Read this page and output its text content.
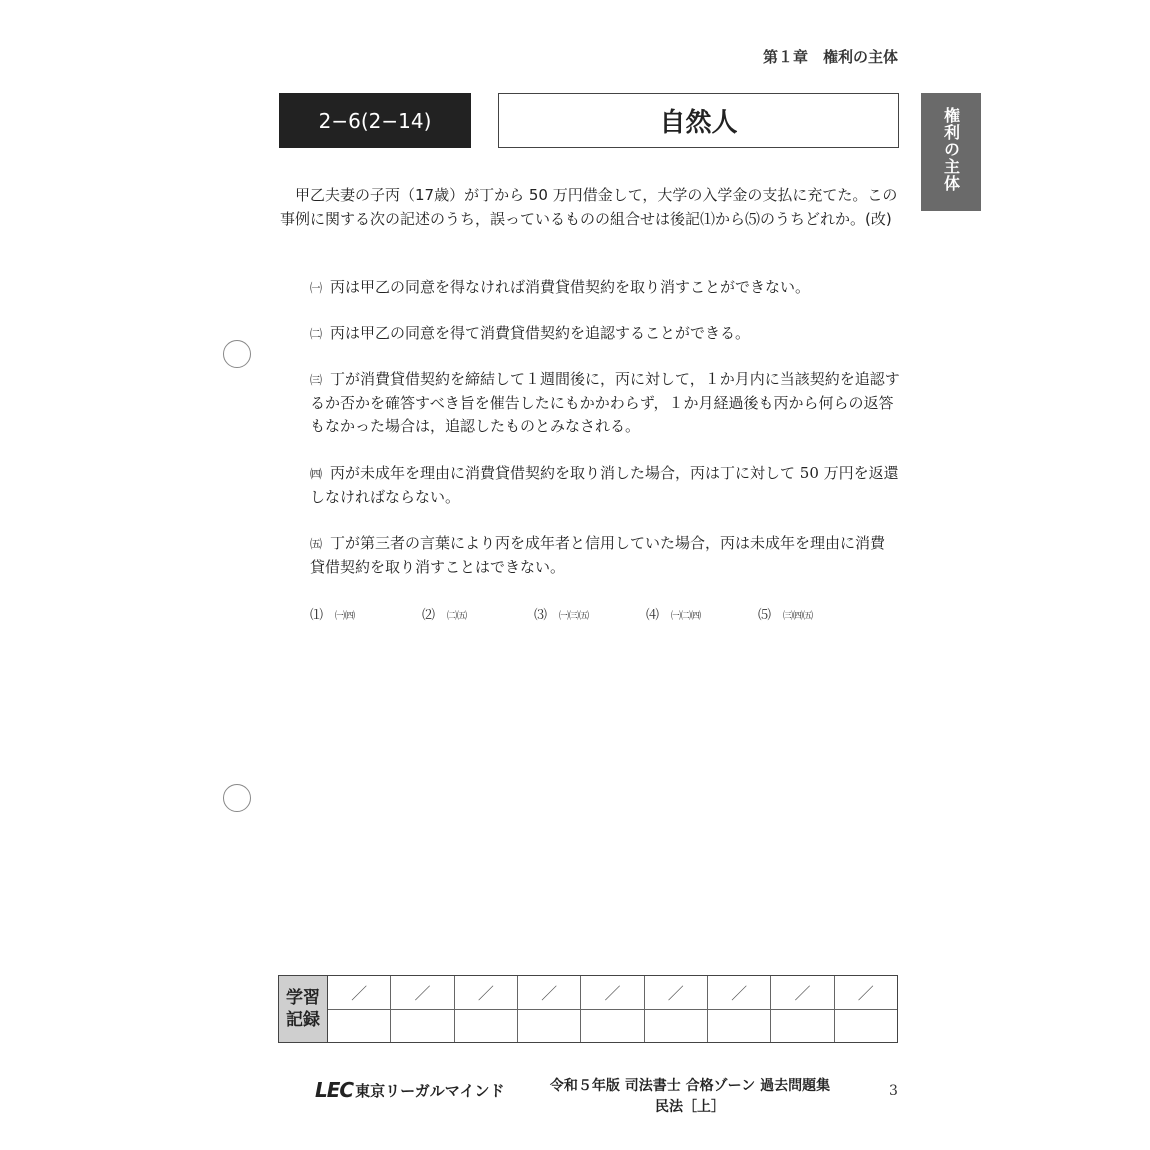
第１章　権利の主体
権利の主体
2−6(2−14)	自然人
甲乙夫妻の子丙（17歳）が丁から 50 万円借金して，大学の入学金の支払に充てた。この事例に関する次の記述のうち，誤っているものの組合せは後記⑴から⑸のうちどれか。(改)
㈠ 丙は甲乙の同意を得なければ消費貸借契約を取り消すことができない。
㈡ 丙は甲乙の同意を得て消費貸借契約を追認することができる。
㈢ 丁が消費貸借契約を締結して１週間後に，丙に対して，１か月内に当該契約を追認するか否かを確答すべき旨を催告したにもかかわらず，１か月経過後も丙から何らの返答もなかった場合は，追認したものとみなされる。
㈣ 丙が未成年を理由に消費貸借契約を取り消した場合，丙は丁に対して 50 万円を返還しなければならない。
㈤ 丁が第三者の言葉により丙を成年者と信用していた場合，丙は未成年を理由に消費貸借契約を取り消すことはできない。
⑴ ㈠㈣	⑵ ㈡㈤	⑶ ㈠㈢㈤	⑷ ㈠㈡㈣	⑸ ㈢㈣㈤
学習
記録
／	／	／	／	／	／	／	／	／
LEC 東京リーガルマインド	令和５年版 司法書士 合格ゾーン 過去問題集
民法［上］
3
